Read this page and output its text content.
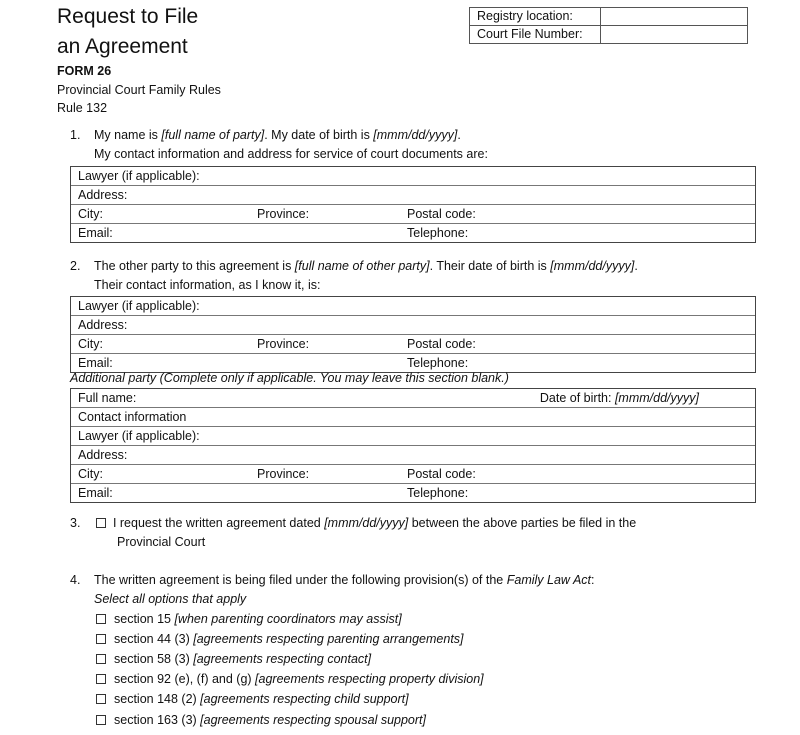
Request to File
an Agreement
FORM 26
Provincial Court Family Rules
Rule 132
Registry location:	
Court File Number:	
1. My name is [full name of party]. My date of birth is [mmm/dd/yyyy].
My contact information and address for service of court documents are:
Lawyer (if applicable):
Address:
City:	Province:	Postal code:
Email:	Telephone:
2. The other party to this agreement is [full name of other party]. Their date of birth is [mmm/dd/yyyy].
Their contact information, as I know it, is:
Lawyer (if applicable):
Address:
City:	Province:	Postal code:
Email:	Telephone:
Additional party (Complete only if applicable. You may leave this section blank.)
Full name:	Date of birth: [mmm/dd/yyyy]
Contact information
Lawyer (if applicable):
Address:
City:	Province:	Postal code:
Email:	Telephone:
3.	I request the written agreement dated [mmm/dd/yyyy] between the above parties be filed in the
Provincial Court
4. The written agreement is being filed under the following provision(s) of the Family Law Act:
Select all options that apply
section 15 [when parenting coordinators may assist]
section 44 (3) [agreements respecting parenting arrangements]
section 58 (3) [agreements respecting contact]
section 92 (e), (f) and (g) [agreements respecting property division]
section 148 (2) [agreements respecting child support]
section 163 (3) [agreements respecting spousal support]
